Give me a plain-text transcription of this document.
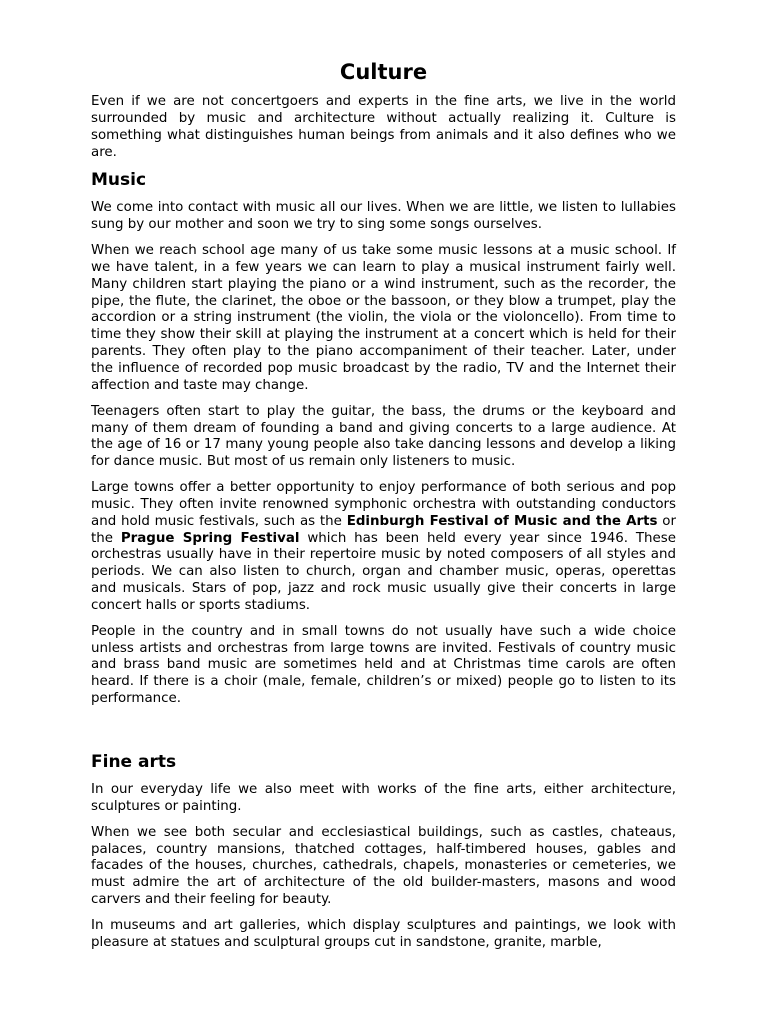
Culture

Even if we are not concertgoers and experts in the fine arts, we live in the world surrounded by music and architecture without actually realizing it. Culture is something what distinguishes human beings from animals and it also defines who we are.

Music

We come into contact with music all our lives. When we are little, we listen to lullabies sung by our mother and soon we try to sing some songs ourselves.

When we reach school age many of us take some music lessons at a music school. If we have talent, in a few years we can learn to play a musical instrument fairly well. Many children start playing the piano or a wind instrument, such as the recorder, the pipe, the flute, the clarinet, the oboe or the bassoon, or they blow a trumpet, play the accordion or a string instrument (the violin, the viola or the violoncello). From time to time they show their skill at playing the instrument at a concert which is held for their parents. They often play to the piano accompaniment of their teacher. Later, under the influence of recorded pop music broadcast by the radio, TV and the Internet their affection and taste may change.

Teenagers often start to play the guitar, the bass, the drums or the keyboard and many of them dream of founding a band and giving concerts to a large audience. At the age of 16 or 17 many young people also take dancing lessons and develop a liking for dance music. But most of us remain only listeners to music.

Large towns offer a better opportunity to enjoy performance of both serious and pop music. They often invite renowned symphonic orchestra with outstanding conductors and hold music festivals, such as the Edinburgh Festival of Music and the Arts or the Prague Spring Festival which has been held every year since 1946. These orchestras usually have in their repertoire music by noted composers of all styles and periods. We can also listen to church, organ and chamber music, operas, operettas and musicals. Stars of pop, jazz and rock music usually give their concerts in large concert halls or sports stadiums.

People in the country and in small towns do not usually have such a wide choice unless artists and orchestras from large towns are invited. Festivals of country music and brass band music are sometimes held and at Christmas time carols are often heard. If there is a choir (male, female, children’s or mixed) people go to listen to its performance.

Fine arts

In our everyday life we also meet with works of the fine arts, either architecture, sculptures or painting.

When we see both secular and ecclesiastical buildings, such as castles, chateaus, palaces, country mansions, thatched cottages, half-timbered houses, gables and facades of the houses, churches, cathedrals, chapels, monasteries or cemeteries, we must admire the art of architecture of the old builder-masters, masons and wood carvers and their feeling for beauty.

In museums and art galleries, which display sculptures and paintings, we look with pleasure at statues and sculptural groups cut in sandstone, granite, marble,
